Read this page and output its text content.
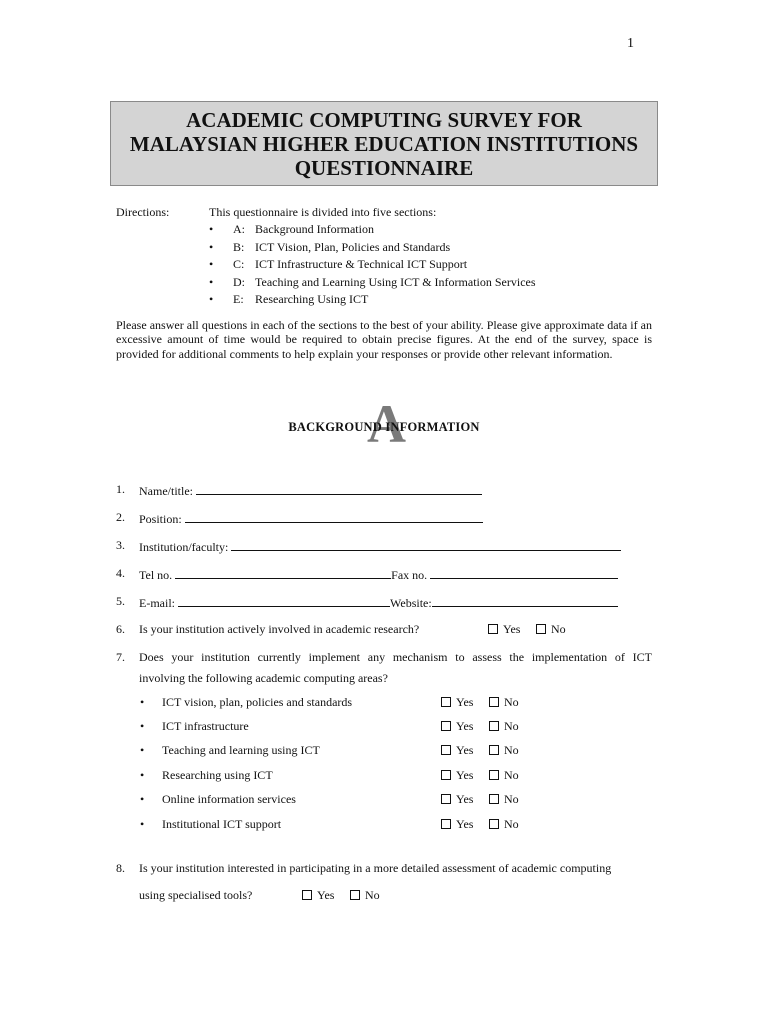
1
ACADEMIC COMPUTING SURVEY FOR
MALAYSIAN HIGHER EDUCATION INSTITUTIONS
QUESTIONNAIRE
Directions:	This questionnaire is divided into five sections:
•	A: Background Information
•	B: ICT Vision, Plan, Policies and Standards
•	C: ICT Infrastructure & Technical ICT Support
•	D: Teaching and Learning Using ICT & Information Services
•	E: Researching Using ICT

Please answer all questions in each of the sections to the best of your ability. Please give approximate data if an excessive amount of time would be required to obtain precise figures. At the end of the survey, space is provided for additional comments to help explain your responses or provide other relevant information.

A
BACKGROUND INFORMATION
1. Name/title:
2. Position:
3. Institution/faculty:
4. Tel no.	Fax no.
5. E-mail:	Website:
6. Is your institution actively involved in academic research?	Yes	No
7. Does your institution currently implement any mechanism to assess the implementation of ICT
involving the following academic computing areas?
• ICT vision, plan, policies and standards	Yes	No
• ICT infrastructure	Yes	No
• Teaching and learning using ICT	Yes	No
• Researching using ICT	Yes	No
• Online information services	Yes	No
• Institutional ICT support	Yes	No
8. Is your institution interested in participating in a more detailed assessment of academic computing
using specialised tools?	Yes	No
